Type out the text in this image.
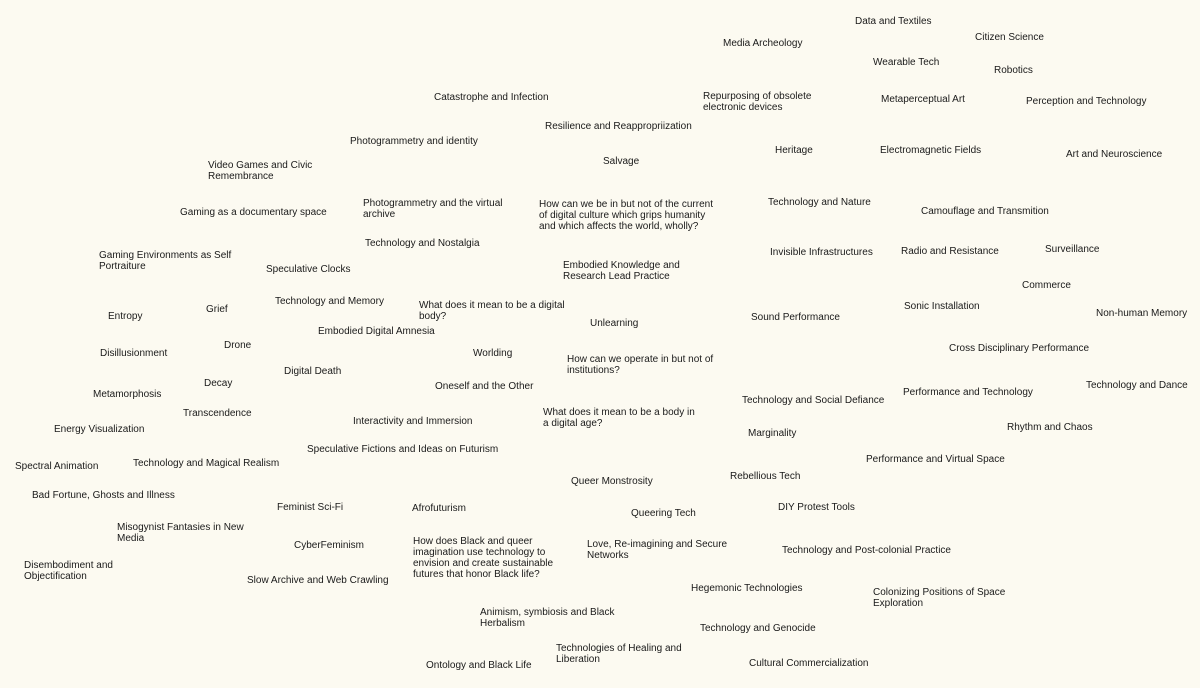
Data and Textiles
Media Archeology
Citizen Science
Wearable Tech
Robotics
Catastrophe and Infection	Repurposing of obsolete
electronic devices
Metaperceptual Art	Perception and Technology
Resilience and Reappropriization
Photogrammetry and identity
Heritage	Electromagnetic Fields	Art and Neuroscience
Salvage
Video Games and Civic
Remembrance
Photogrammetry and the virtual
archive
How can we be in but not of the current
of digital culture which grips humanity
and which affects the world, wholly?
Technology and Nature
Gaming as a documentary space	Camouflage and Transmition
Technology and Nostalgia
Invisible Infrastructures	Radio and Resistance	Surveillance
Gaming Environments as Self
Portraiture	Embodied Knowledge and
Research Lead Practice
Speculative Clocks
Commerce
Technology and Memory	What does it mean to be a digital
body?
Grief	Sonic Installation
Entropy	Sound Performance	Non-human Memory
Unlearning
Embodied Digital Amnesia
Drone	Cross Disciplinary Performance
Disillusionment	Worlding
How can we operate in but not of
institutions?
Digital Death
Decay	Oneself and the Other	Technology and Dance
Metamorphosis	Performance and Technology
Technology and Social Defiance
Transcendence	What does it mean to be a body in
a digital age?
Interactivity and Immersion
Energy Visualization	Rhythm and Chaos
Marginality
Speculative Fictions and Ideas on Futurism
Performance and Virtual Space
Technology and Magical Realism
Spectral Animation
Rebellious Tech
Queer Monstrosity
Bad Fortune, Ghosts and Illness
Feminist Sci-Fi	Afrofuturism	DIY Protest Tools
Queering Tech
Misogynist Fantasies in New
Media	How does Black and queer
imagination use technology to
envision and create sustainable
futures that honor Black life?
CyberFeminism	Love, Re-imagining and Secure
Networks	Technology and Post-colonial Practice
Disembodiment and
Objectification	Slow Archive and Web Crawling
Hegemonic Technologies	Colonizing Positions of Space
Exploration
Animism, symbiosis and Black
Herbalism	Technology and Genocide
Technologies of Healing and
Liberation
Ontology and Black Life	Cultural Commercialization
